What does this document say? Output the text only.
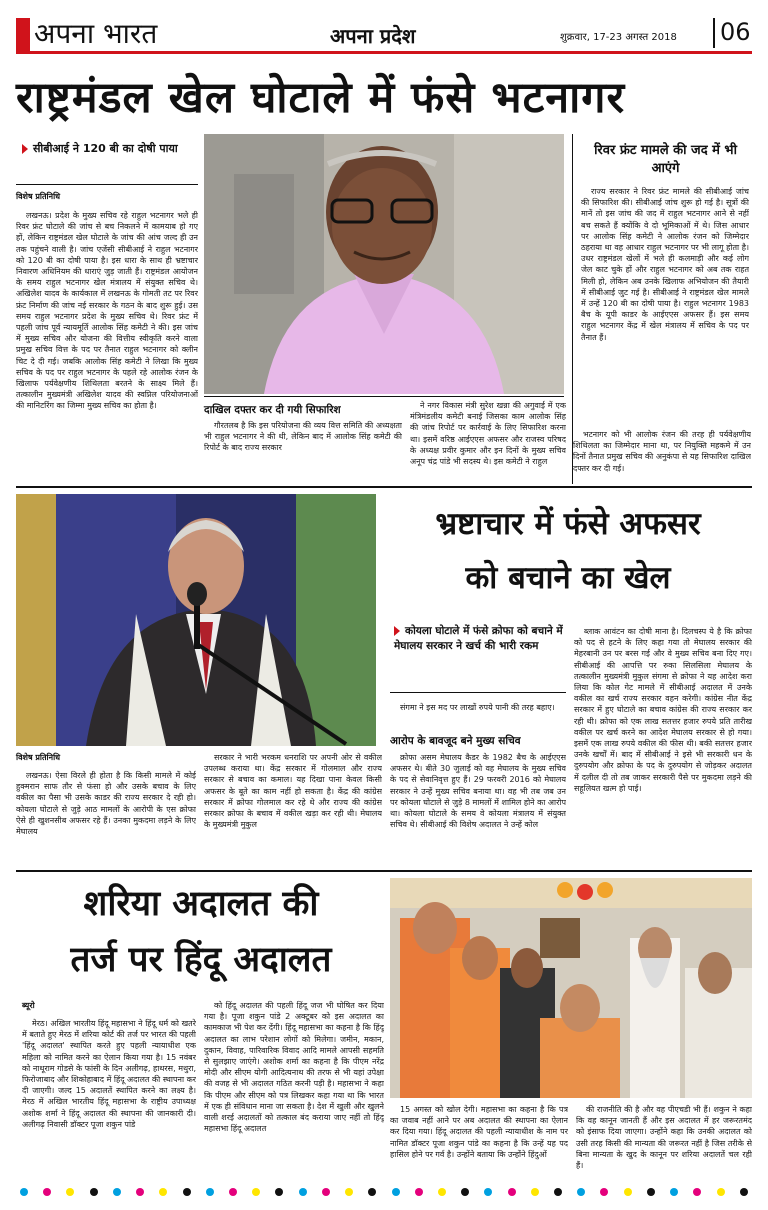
अपना भारत	अपना प्रदेश	शुक्रवार, 17-23 अगस्त 2018 06
राष्ट्रमंडल खेल घोटाले में फंसे भटनागर
सीबीआई ने 120 बी का दोषी पाया
विशेष प्रतिनिधि

लखनऊ। प्रदेश के मुख्य सचिव रहे राहुल भटनागर भले ही रिवर फ्रंट घोटाले की जांच से बच निकलने में कामयाब हो गए हों, लेकिन राष्ट्रमंडल खेल घोटाले के जांच की आंच जल्द ही उन तक पहुंचने वाली है। जांच एजेंसी सीबीआई ने राहुल भटनागर को 120 बी का दोषी पाया है। इस धारा के साथ ही भ्रष्टाचार निवारण अधिनियम की धाराएं जुड़ जाती हैं। राष्ट्रमंडल आयोजन के समय राहुल भटनागर खेल मंत्रालय में संयुक्त सचिव थे। अखिलेश यादव के कार्यकाल में लखनऊ के गोमती तट पर रिवर फ्रंट निर्माण की जांच नई सरकार के गठन के बाद शुरू हुई। उस समय राहुल भटनागर प्रदेश के मुख्य सचिव थे। रिवर फ्रंट में पहली जांच पूर्व न्यायमूर्ति आलोक सिंह कमेटी ने की। इस जांच में मुख्य सचिव और योजना की वित्तीय स्वीकृति करने वाला प्रमुख सचिव वित्त के पद पर तैनात राहुल भटनागर को क्लीन चिट दे दी गई। जबकि आलोक सिंह कमेटी ने लिखा कि मुख्य सचिव के पद पर राहुल भटनागर के पहले रहे आलोक रंजन के खिलाफ पर्यवेक्षणीय शिथिलता बरतने के साक्ष्य मिले हैं। तत्कालीन मुख्यमंत्री अखिलेश यादव की स्वप्निल परियोजनाओं की मानिटरिंग का जिम्मा मुख्य सचिव का होता है।	दाखिल दफ्तर कर दी गयी सिफारिश

गौरतलब है कि इस परियोजना की व्यय वित्त समिति की अध्यक्षता भी राहुल भटनागर ने की थी, लेकिन बाद में आलोक सिंह कमेटी की रिपोर्ट के बाद राज्य सरकार

ने नगर विकास मंत्री सुरेश खन्ना की अगुवाई में एक मंत्रिमंडलीय कमेटी बनाई जिसका काम आलोक सिंह की जांच रिपोर्ट पर कार्रवाई के लिए सिफारिश करना था। इसमें वरिष्ठ आईएएस अफसर और राजस्व परिषद के अध्यक्ष प्रवीर कुमार और इन दिनों के मुख्य सचिव अनूप चंद्र पांडे भी सदस्य थे। इस कमेटी ने राहुल

रिवर फ्रंट मामले की जद में भी आएंगे

राज्य सरकार ने रिवर फ्रंट मामले की सीबीआई जांच की सिफारिश की। सीबीआई जांच शुरू हो गई है। सूत्रों की मानें तो इस जांच की जद में राहुल भटनागर आने से नहीं बच सकते हैं क्योंकि वे दो भूमिकाओं में थे। जिस आधार पर आलोक सिंह कमेटी ने आलोक रंजन को जिम्मेदार ठहराया था वह आधार राहुल भटनागर पर भी लागू होता है। उधर राष्ट्रमंडल खेलों में भले ही कलमाड़ी और कई लोग जेल काट चुके हों और राहुल भटनागर को अब तक राहत मिली हो, लेकिन अब उनके खिलाफ अभियोजन की तैयारी में सीबीआई जुट गई है। सीबीआई ने राष्ट्रमंडल खेल मामले में उन्हें 120 बी का दोषी पाया है। राहुल भटनागर 1983 बैच के यूपी काडर के आईएएस अफसर हैं। इस समय राहुल भटनागर केंद्र में खेल मंत्रालय में सचिव के पद पर तैनात हैं।

भटनागर को भी आलोक रंजन की तरह ही पर्यवेक्षणीय शिथिलता का जिम्मेदार माना था, पर नियुक्ति महकमे में उन दिनों तैनात प्रमुख सचिव की अनुकंपा से यह सिफारिश दाखिल दफ्तर कर दी गई।

भ्रष्टाचार में फंसे अफसर
को बचाने का खेल
कोयला घोटाले में फंसे क्रोफा को बचाने में मेघालय सरकार ने खर्च की भारी रकम

संगमा ने इस मद पर लाखों रुपये पानी की तरह बहाए।

आरोप के बावजूद बने मुख्य सचिव

क्रोफा असम मेघालय कैडर के 1982 बैच के आईएएस अफसर थे। बीते 30 जुलाई को वह मेघालय के मुख्य सचिव के पद से सेवानिवृत्त हुए हैं। 29 फरवरी 2016 को मेघालय सरकार ने उन्हें मुख्य सचिव बनाया था। वह भी तब जब उन पर कोयला घोटाले से जुड़े 8 मामलों में शामिल होने का आरोप था। कोयला घोटाले के समय वे कोयला मंत्रालय में संयुक्त सचिव थे। सीबीआई की विशेष अदालत ने उन्हें कोल

ब्लाक आवंटन का दोषी माना है। दिलचस्प ये है कि क्रोफा को पद से हटने के लिए कहा गया तो मेघालय सरकार की मेहरबानी उन पर बरस गई और वे मुख्य सचिव बना दिए गए। सीबीआई की आपत्ति पर रुका सिलसिला मेघालय के तत्कालीन मुख्यमंत्री मुकुल संगमा से क्रोफा ने यह आदेश करा लिया कि कोल गेट मामले में सीबीआई अदालत में उनके वकील का खर्च राज्य सरकार वहन करेगी। कांग्रेस नीत केंद्र सरकार में हुए घोटाले का बचाव कांग्रेस की राज्य सरकार कर रही थी। क्रोफा को एक लाख सतत्तर हजार रुपये प्रति तारीख वकील पर खर्च करने का आदेश मेघालय सरकार से हो गया। इसमें एक लाख रुपये वकील की फीस थी। बकी सतत्तर हजार उनके खर्चों में। बाद में सीबीआई ने इसे भी सरकारी धन के दुरुपयोग और क्रोफा के पद के दुरुपयोग से जोड़कर अदालत में दलील दी तो तब जाकर सरकारी पैसे पर मुकदमा लड़ने की सहूलियत खत्म हो पाई।

विशेष प्रतिनिधि

लखनऊ। ऐसा विरले ही होता है कि किसी मामले में कोई हुक्मरान साफ तौर से फंसा हो और उसके बचाव के लिए वकील का पैसा भी उसके काडर की राज्य सरकार दे रही हो। कोयला घोटाले से जुड़े आठ मामलों के आरोपी के एस क्रोफा ऐसे ही खुशनसीब अफसर रहे हैं। उनका मुकदमा लड़ने के लिए मेघालय

सरकार ने भारी भरकम धनराशि पर अपनी ओर से वकील उपलब्ध कराया था। केंद्र सरकार में गोलमाल और राज्य सरकार से बचाव का कमाल। यह दिखा पाना केवल किसी अफसर के बूते का काम नहीं हो सकता है। केंद्र की कांग्रेस सरकार में क्रोफा गोलमाल कर रहे थे और राज्य की कांग्रेस सरकार क्रोफा के बचाव में वकील खड़ा कर रही थी। मेघालय के मुख्यमंत्री मुकुल

शरिया अदालत की
तर्ज पर हिंदू अदालत
ब्यूरो

मेरठ। अखिल भारतीय हिंदू महासभा ने हिंदू धर्म को खतरे में बताते हुए मेरठ में शरिया कोर्ट की तर्ज पर भारत की पहली 'हिंदू अदालत' स्थापित करते हुए पहली न्यायाधीश एक महिला को नामित करने का ऐलान किया गया है। 15 नवंबर को नाथूराम गोडसे के फांसी के दिन अलीगढ़, हाथरस, मथुरा, फिरोजाबाद और शिकोहाबाद में हिंदू अदालत की स्थापना कर दी जाएगी। जल्द 15 अदालतें स्थापित करने का लक्ष्य है। मेरठ में अखिल भारतीय हिंदू महासभा के राष्ट्रीय उपाध्यक्ष अशोक शर्मा ने हिंदू अदालत की स्थापना की जानकारी दी। अलीगढ़ निवासी डॉक्टर पूजा शकुन पांडे

को हिंदू अदालत की पहली हिंदू जज भी घोषित कर दिया गया है। पूजा शकुन पांडे 2 अक्टूबर को इस अदालत का कामकाज भी पेश कर देंगी। हिंदू महासभा का कहना है कि हिंदू अदालत का लाभ परेशान लोगों को मिलेगा। जमीन, मकान, दुकान, विवाह, पारिवारिक विवाद आदि मामले आपसी सहमति से सुलझाए जाएंगे। अशोक शर्मा का कहना है कि पीएम नरेंद्र मोदी और सीएम योगी आदित्यनाथ की तरफ से भी यहां उपेक्षा की वजह से भी अदालत गठित करनी पड़ी है। महासभा ने कहा कि पीएम और सीएम को पत्र लिखकर कहा गया था कि भारत में एक ही संविधान माना जा सकता है। देश में खुली और खुलने वाली शरई अदालतों को तत्काल बंद कराया जाए नहीं तो हिंदू महासभा हिंदू अदालत

15 अगस्त को खोल देगी। महासभा का कहना है कि पत्र का जवाब नहीं आने पर अब अदालत की स्थापना का ऐलान कर दिया गया। हिंदू अदालत की पहली न्यायाधीश के नाम पर नामित डॉक्टर पूजा शकुन पांडे का कहना है कि उन्हें यह पद हासिल होने पर गर्व है। उन्होंने बताया कि उन्होंने हिंदुओं

की राजनीति की है और वह पीएचडी भी हैं। शकुन ने कहा कि वह कानून जानती हैं और इस अदालत में हर जरूरतमंद को इंसाफ दिया जाएगा। उन्होंने कहा कि उनकी अदालत को उसी तरह किसी की मान्यता की जरूरत नहीं है जिस तरीके से बिना मान्यता के खुद के कानून पर शरिया अदालतें चल रही हैं।
